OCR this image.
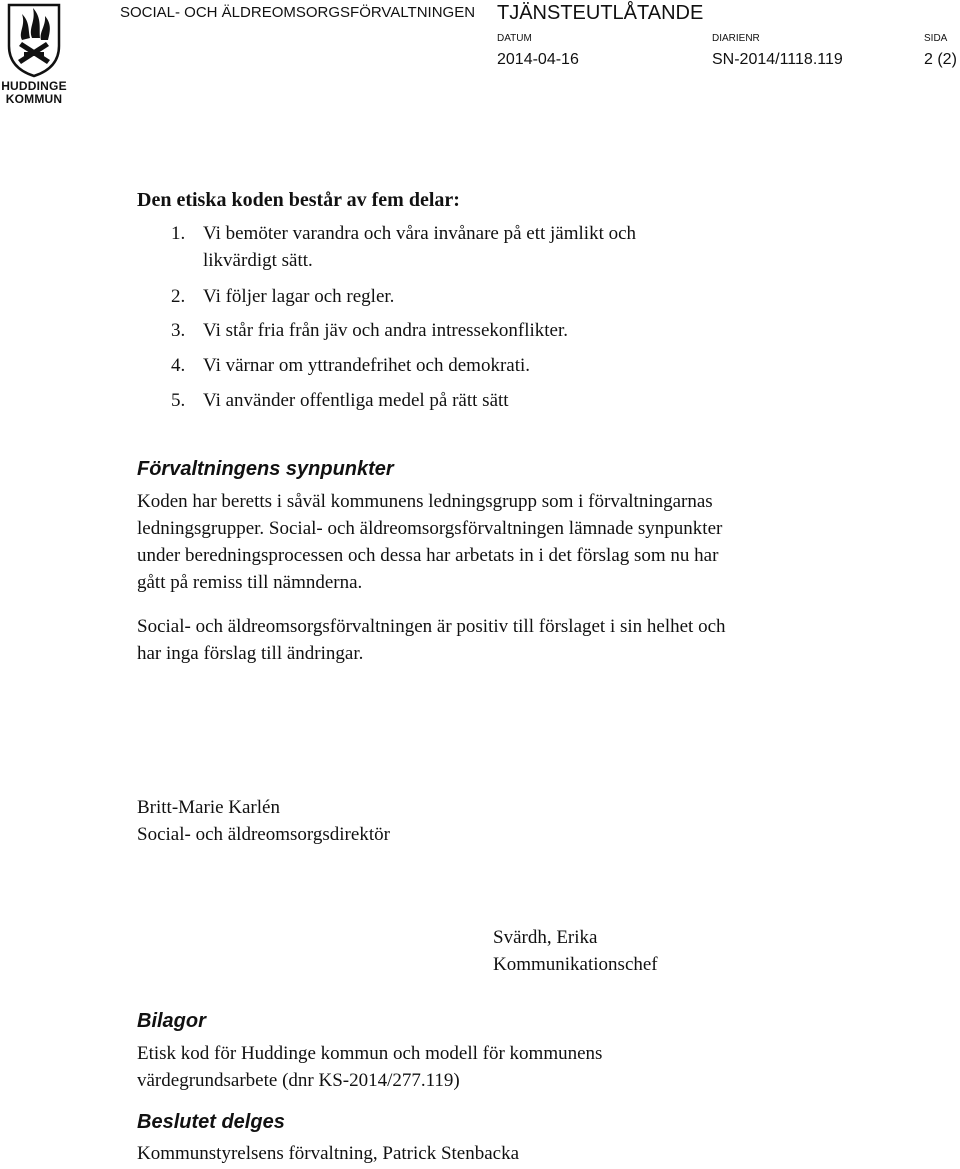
HUDDINGE
KOMMUN
SOCIAL- OCH ÄLDREOMSORGSFÖRVALTNINGEN TJÄNSTEUTLÅTANDE
DATUM
2014-04-16
DIARIENR
SN-2014/1118.119
SIDA
2 (2)
Den etiska koden består av fem delar:
1. Vi bemöter varandra och våra invånare på ett jämlikt och
likvärdigt sätt.
2. Vi följer lagar och regler.
3. Vi står fria från jäv och andra intressekonflikter.
4. Vi värnar om yttrandefrihet och demokrati.
5. Vi använder offentliga medel på rätt sätt
Förvaltningens synpunkter
Koden har beretts i såväl kommunens ledningsgrupp som i förvaltningarnas
ledningsgrupper. Social- och äldreomsorgsförvaltningen lämnade synpunkter
under beredningsprocessen och dessa har arbetats in i det förslag som nu har
gått på remiss till nämnderna.
Social- och äldreomsorgsförvaltningen är positiv till förslaget i sin helhet och
har inga förslag till ändringar.
Britt-Marie Karlén
Social- och äldreomsorgsdirektör
Svärdh, Erika
Kommunikationschef
Bilagor
Etisk kod för Huddinge kommun och modell för kommunens
värdegrundsarbete (dnr KS-2014/277.119)
Beslutet delges
Kommunstyrelsens förvaltning, Patrick Stenbacka
